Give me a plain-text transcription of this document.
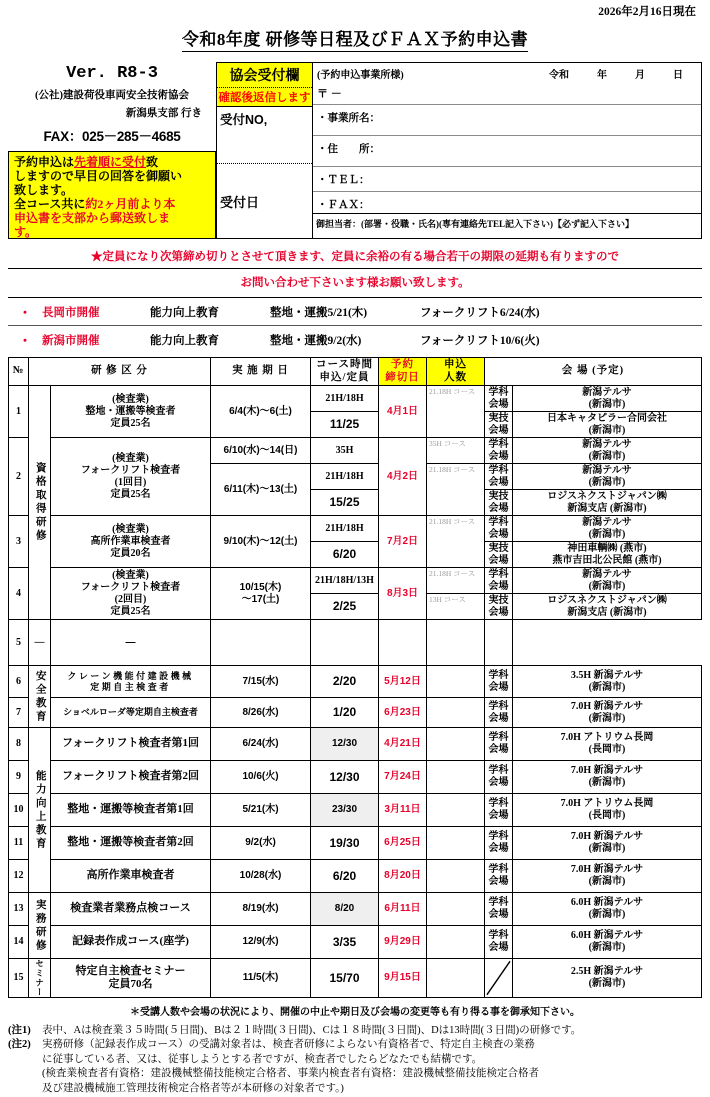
2026年2月16日現在
令和8年度 研修等日程及びＦＡＸ予約申込書
Ver. R8-3
(公社)建設荷役車両安全技術協会
新潟県支部 行き
FAX：025－285－4685
予約申込は先着順に受付致
しますので早目の回答を御願い
致します。
全コース共に約2ヶ月前より本
申込書を支部から郵送致しま
す。
協会受付欄
確認後返信します
受付NO,
受付日
(予約申込事業所様)	令和	年	月	日
〒 －
・事業所名：
・住　　所：
・ＴＥＬ：
・ＦＡＸ：
御担当者：(部署・役職・氏名)(専有連絡先TEL記入下さい)【必ず記入下さい】
★定員になり次第締め切りとさせて頂きます、定員に余裕の有る場合若干の期限の延期も有りますので
お問い合わせ下さいます様お願い致します。
・ 長岡市開催	能力向上教育	整地・運搬5/21(木)	フォークリフト6/24(水)
・ 新潟市開催	能力向上教育	整地・運搬9/2(水)	フォークリフト10/6(火)
№	研 修 区 分		実 施 期 日	コース時間
申込/定員	予約
締切日	申込
人数	会 場 (予定)	
1	資格取得研修	(検査業)
整地・運搬等検査者
定員25名	6/4(木)～6(土)	21H/18H	4月1日	21.18H コース	学科
会場	新潟テルサ
(新潟市)

				11/25			実技
会場	日本キャタピラー合同会社
(新潟市)

2		(検査業)
フォークリフト検査者
(1回目)
定員25名	6/10(水)～14(日)	35H	4月2日	35H コース	学科
会場	新潟テルサ
(新潟市)

			6/11(木)～13(土)	21H/18H		21.18H コース	学科
会場	新潟テルサ
(新潟市)

				15/25			実技
会場	ロジスネクストジャパン㈱
新潟支店 (新潟市)

3		(検査業)
高所作業車検査者
定員20名	9/10(木)～12(土)	21H/18H	7月2日	21.18H コース	学科
会場	新潟テルサ
(新潟市)

				6/20			実技
会場	神田車輌㈱ (燕市)
燕市吉田北公民館 (燕市)

4		(検査業)
フォークリフト検査者
(2回目)
定員25名	10/15(木)
～17(土)	21H/18H/13H	8月3日	21.18H コース	学科
会場	新潟テルサ
(新潟市)

				2/25		13H コース	実技
会場	ロジスネクストジャパン㈱
新潟支店 (新潟市)

5	―	―						
6	安全教育	クレーン機能付建設機械
定期自主検査者	7/15(水)	2/20	5月12日		学科
会場	3.5H 新潟テルサ
(新潟市)

7		ショベルローダ等定期自主検査者	8/26(水)	1/20	6月23日		学科
会場	7.0H 新潟テルサ
(新潟市)

8	能力向上教育	フォークリフト検査者第1回	6/24(水)	12/30	4月21日		学科
会場	7.0H アトリウム長岡
(長岡市)

9		フォークリフト検査者第2回	10/6(火)	12/30	7月24日		学科
会場	7.0H 新潟テルサ
(新潟市)

10		整地・運搬等検査者第1回	5/21(木)	23/30	3月11日		学科
会場	7.0H アトリウム長岡
(長岡市)

11		整地・運搬等検査者第2回	9/2(水)	19/30	6月25日		学科
会場	7.0H 新潟テルサ
(新潟市)

12		高所作業車検査者	10/28(水)	6/20	8月20日		学科
会場	7.0H 新潟テルサ
(新潟市)

13	実務研修	検査業者業務点検コース	8/19(水)	8/20	6月11日		学科
会場	6.0H 新潟テルサ
(新潟市)

14		記録表作成コース(座学)	12/9(水)	3/35	9月29日		学科
会場	6.0H 新潟テルサ
(新潟市)

15	セミナー	特定自主検査セミナー
定員70名	11/5(木)	15/70	9月15日			2.5H 新潟テルサ
(新潟市)
＊受講人数や会場の状況により、開催の中止や期日及び会場の変更等も有り得る事を御承知下さい。
(注1)	表中、Aは検査業３５時間(５日間)、Bは２１時間(３日間)、Cは１８時間(３日間)、Dは13時間(３日間)の研修です。
(注2)	実務研修（記録表作成コース）の受講対象者は、検査者研修によらない有資格者で、特定自主検査の業務
に従事している者、又は、従事しようとする者ですが、検査者でしたらどなたでも結構です。
(検査業検査者有資格：建設機械整備技能検定合格者、事業内検査者有資格：建設機械整備技能検定合格者
及び建設機械施工管理技術検定合格者等が本研修の対象者です。)
